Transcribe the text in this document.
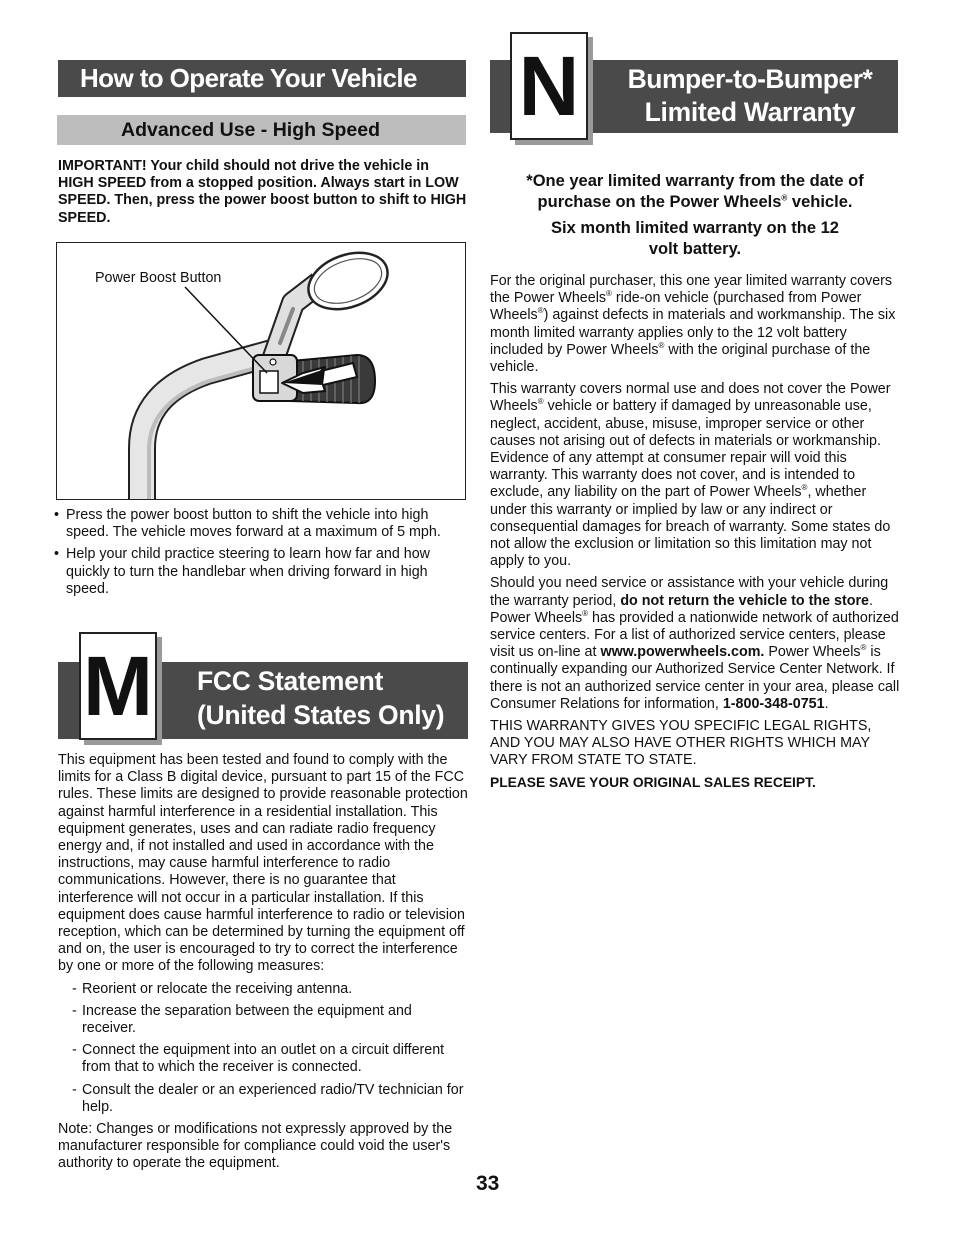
How to Operate Your Vehicle
Advanced Use - High Speed
IMPORTANT! Your child should not drive the vehicle in HIGH SPEED from a stopped position. Always start in LOW SPEED. Then, press the power boost button to shift to HIGH SPEED.
Power Boost Button

• Press the power boost button to shift the vehicle into high speed. The vehicle moves forward at a maximum of 5 mph.

• Help your child practice steering to learn how far and how quickly to turn the handlebar when driving forward in high speed.

FCC Statement
(United States Only)
M

This equipment has been tested and found to comply with the limits for a Class B digital device, pursuant to part 15 of the FCC rules. These limits are designed to provide reasonable protection against harmful interference in a residential installation. This equipment generates, uses and can radiate radio frequency energy and, if not installed and used in accordance with the instructions, may cause harmful interference to radio communications. However, there is no guarantee that interference will not occur in a particular installation. If this equipment does cause harmful interference to radio or television reception, which can be determined by turning the equipment off and on, the user is encouraged to try to correct the interference by one or more of the following measures:

- Reorient or relocate the receiving antenna.

- Increase the separation between the equipment and receiver.

- Connect the equipment into an outlet on a circuit different from that to which the receiver is connected.

- Consult the dealer or an experienced radio/TV technician for help.

Note: Changes or modifications not expressly approved by the manufacturer responsible for compliance could void the user's authority to operate the equipment.

Bumper-to-Bumper*
Limited Warranty
N

*One year limited warranty from the date of purchase on the Power Wheels® vehicle.

Six month limited warranty on the 12 volt battery.

For the original purchaser, this one year limited warranty covers the Power Wheels® ride-on vehicle (purchased from Power Wheels®) against defects in materials and workmanship. The six month limited warranty applies only to the 12 volt battery included by Power Wheels® with the original purchase of the vehicle.

This warranty covers normal use and does not cover the Power Wheels® vehicle or battery if damaged by unreasonable use, neglect, accident, abuse, misuse, improper service or other causes not arising out of defects in materials or workmanship. Evidence of any attempt at consumer repair will void this warranty. This warranty does not cover, and is intended to exclude, any liability on the part of Power Wheels®, whether under this warranty or implied by law or any indirect or consequential damages for breach of warranty. Some states do not allow the exclusion or limitation so this limitation may not apply to you.

Should you need service or assistance with your vehicle during the warranty period, do not return the vehicle to the store. Power Wheels® has provided a nationwide network of authorized service centers. For a list of authorized service centers, please visit us on-line at www.powerwheels.com. Power Wheels® is continually expanding our Authorized Service Center Network. If there is not an authorized service center in your area, please call Consumer Relations for information, 1-800-348-0751.

THIS WARRANTY GIVES YOU SPECIFIC LEGAL RIGHTS, AND YOU MAY ALSO HAVE OTHER RIGHTS WHICH MAY VARY FROM STATE TO STATE.

PLEASE SAVE YOUR ORIGINAL SALES RECEIPT.

33
